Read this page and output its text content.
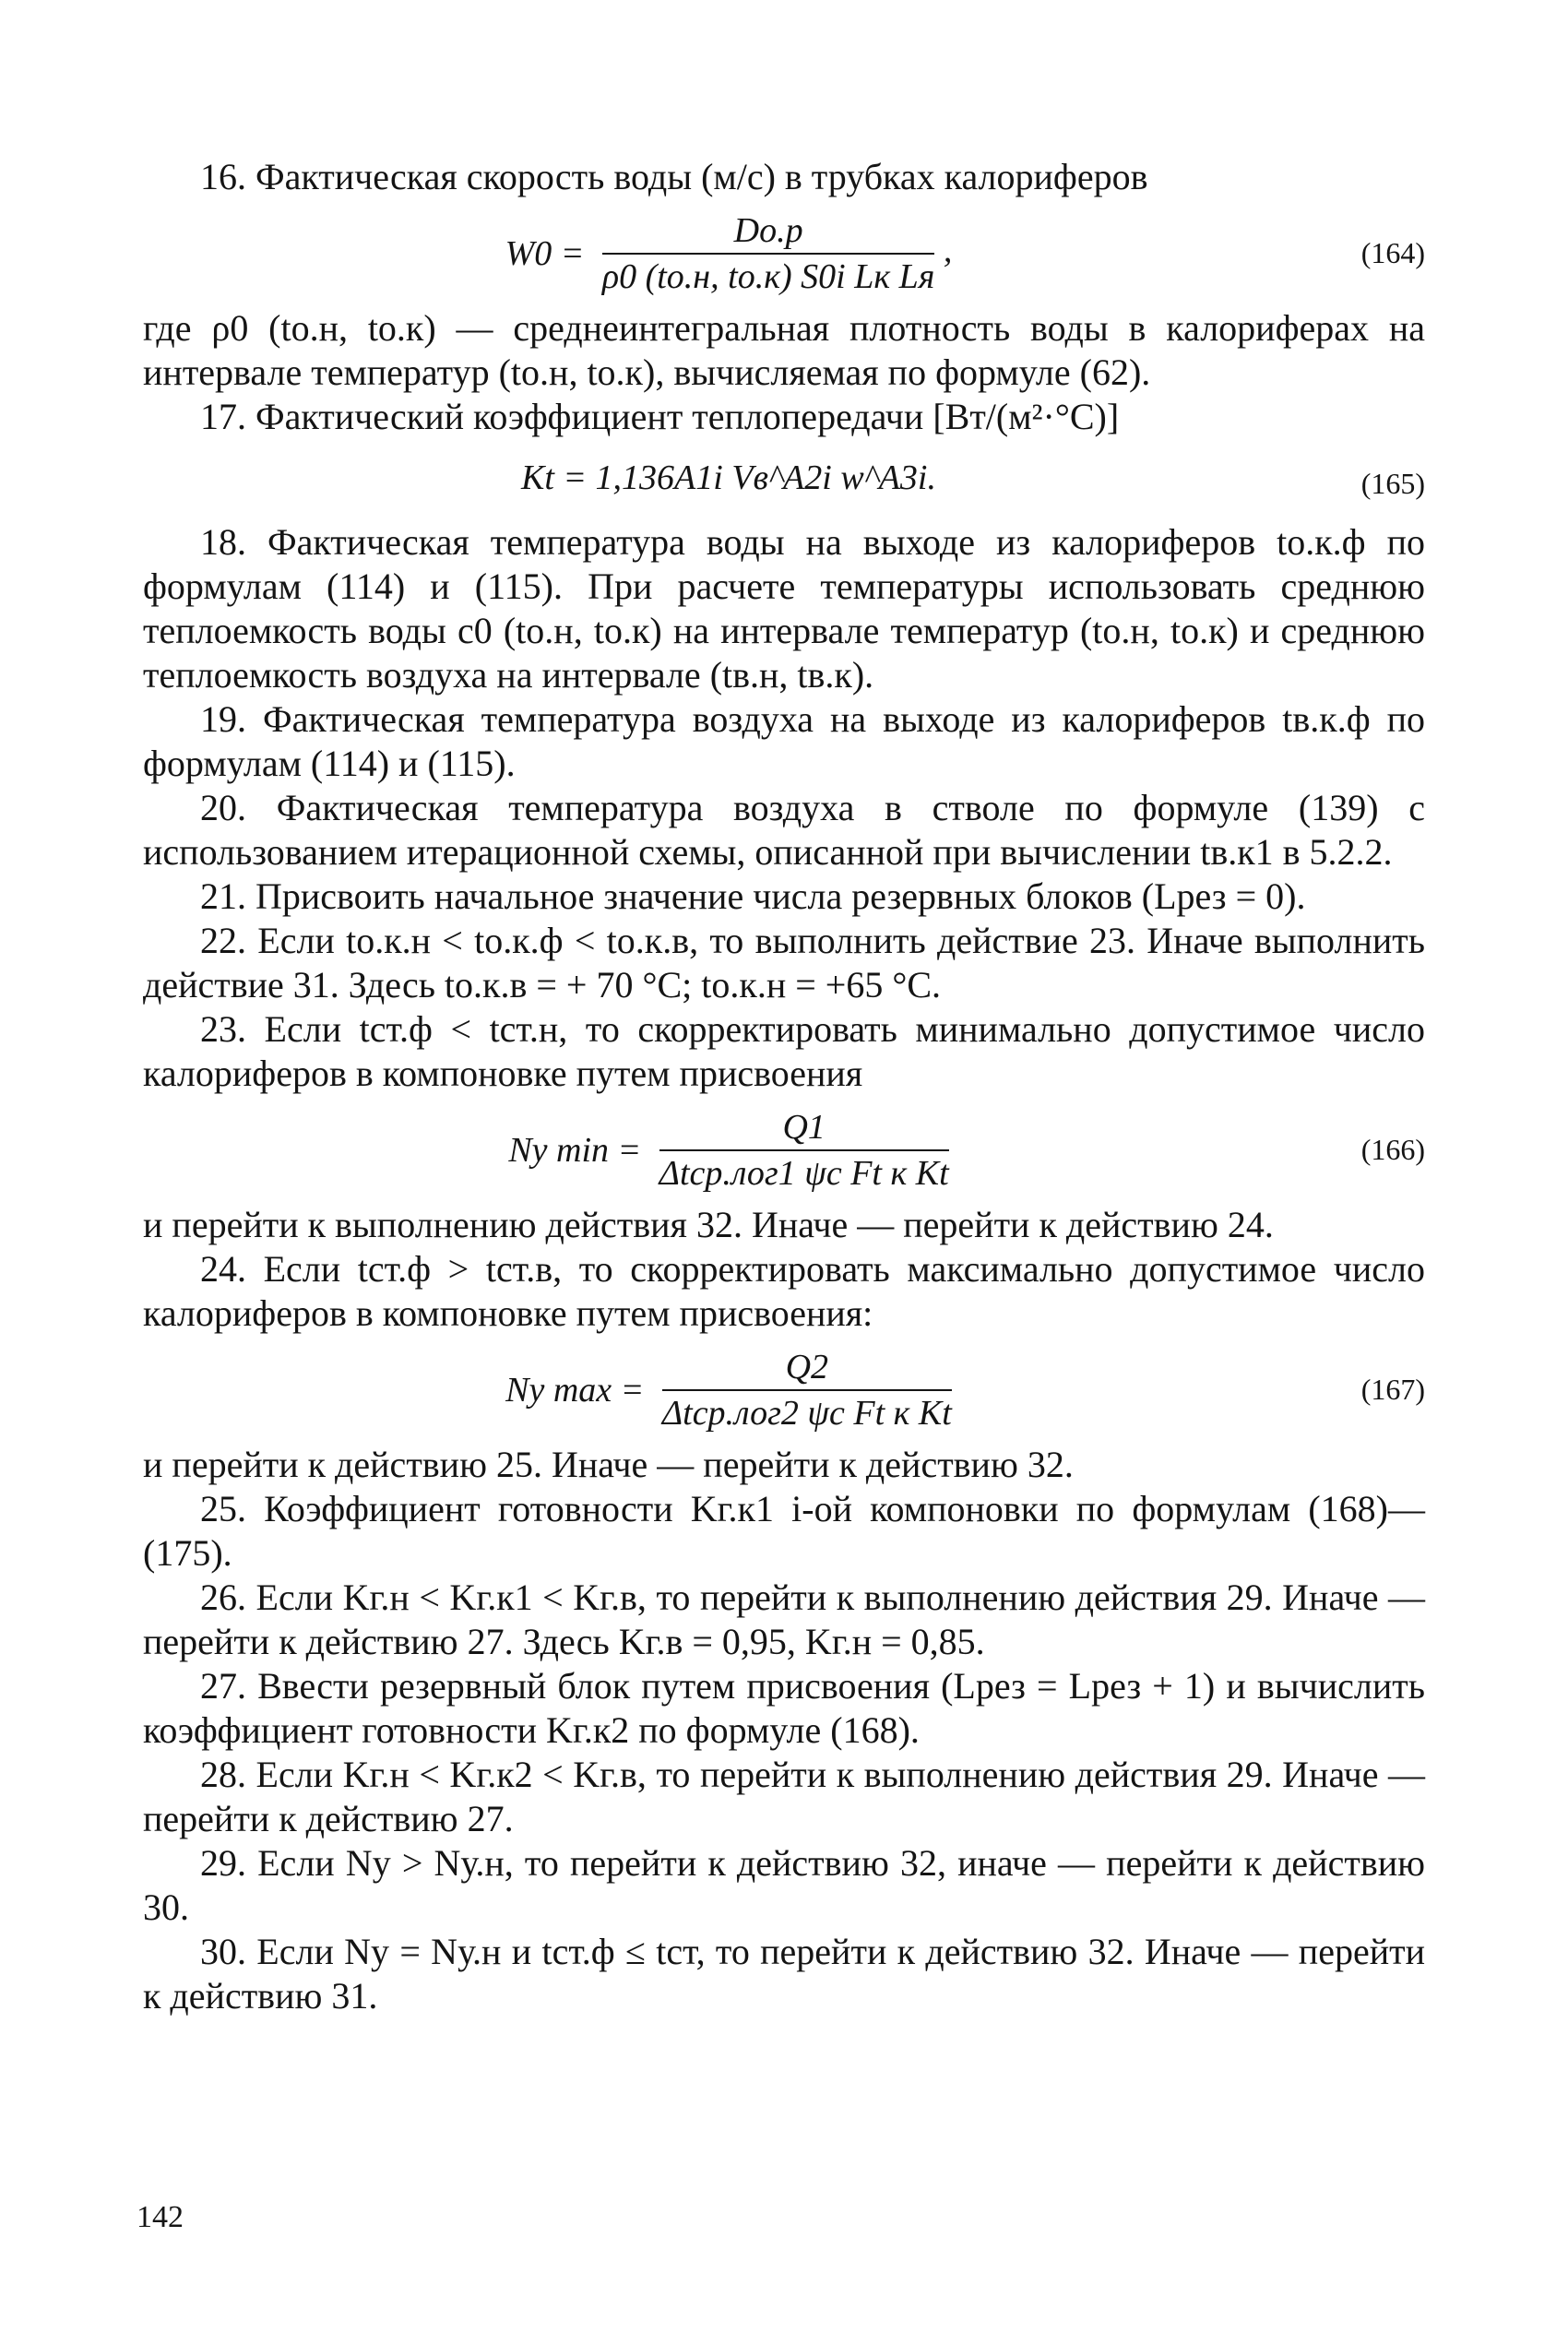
16. Фактическая скорость воды (м/с) в трубках калориферов

$W0 = \frac{Dо.р}{\text{ρ0 (tо.н, tо.к) S0i Lк Lя}}$ ,	(164)

где ρ0 (tо.н, tо.к) — среднеинтегральная плотность воды в калориферах на интервале температур (tо.н, tо.к), вычисляемая по формуле (62).

17. Фактический коэффициент теплопередачи [Вт/(м²·°С)]

Kt = 1,136A1i Vв^A2i w^A3i.	(165)

18. Фактическая температура воды на выходе из калориферов tо.к.ф по формулам (114) и (115). При расчете температуры использовать среднюю теплоемкость воды c0 (tо.н, tо.к) на интервале температур (tо.н, tо.к) и среднюю теплоемкость воздуха на интервале (tв.н, tв.к).

19. Фактическая температура воздуха на выходе из калориферов tв.к.ф по формулам (114) и (115).

20. Фактическая температура воздуха в стволе по формуле (139) с использованием итерационной схемы, описанной при вычислении tв.к1 в 5.2.2.

21. Присвоить начальное значение числа резервных блоков (Lрез = 0).

22. Если tо.к.н < tо.к.ф < tо.к.в, то выполнить действие 23. Иначе выполнить действие 31. Здесь tо.к.в = + 70 °C; tо.к.н = +65 °C.

23. Если tст.ф < tст.н, то скорректировать минимально допустимое число калориферов в компоновке путем присвоения

Nу $\min = \frac{Q1}{\text{Δtср.лог1 ψc Ft к Kt}}$	(166)

и перейти к выполнению действия 32. Иначе — перейти к действию 24.

24. Если tст.ф > tст.в, то скорректировать максимально допустимое число калориферов в компоновке путем присвоения:

Nу $\max = \frac{Q2}{\text{Δtср.лог2 ψc Ft к Kt}}$	(167)

и перейти к действию 25. Иначе — перейти к действию 32.

25. Коэффициент готовности Kг.к1 i-ой компоновки по формулам (168)—(175).

26. Если Kг.н < Kг.к1 < Kг.в, то перейти к выполнению действия 29. Иначе — перейти к действию 27. Здесь Kг.в = 0,95, Kг.н = 0,85.

27. Ввести резервный блок путем присвоения (Lрез = Lрез + 1) и вычислить коэффициент готовности Kг.к2 по формуле (168).

28. Если Kг.н < Kг.к2 < Kг.в, то перейти к выполнению действия 29. Иначе — перейти к действию 27.

29. Если Nу > Nу.н, то перейти к действию 32, иначе — перейти к действию 30.

30. Если Nу = Nу.н и tст.ф ≤ tст, то перейти к действию 32. Иначе — перейти к действию 31.

142
